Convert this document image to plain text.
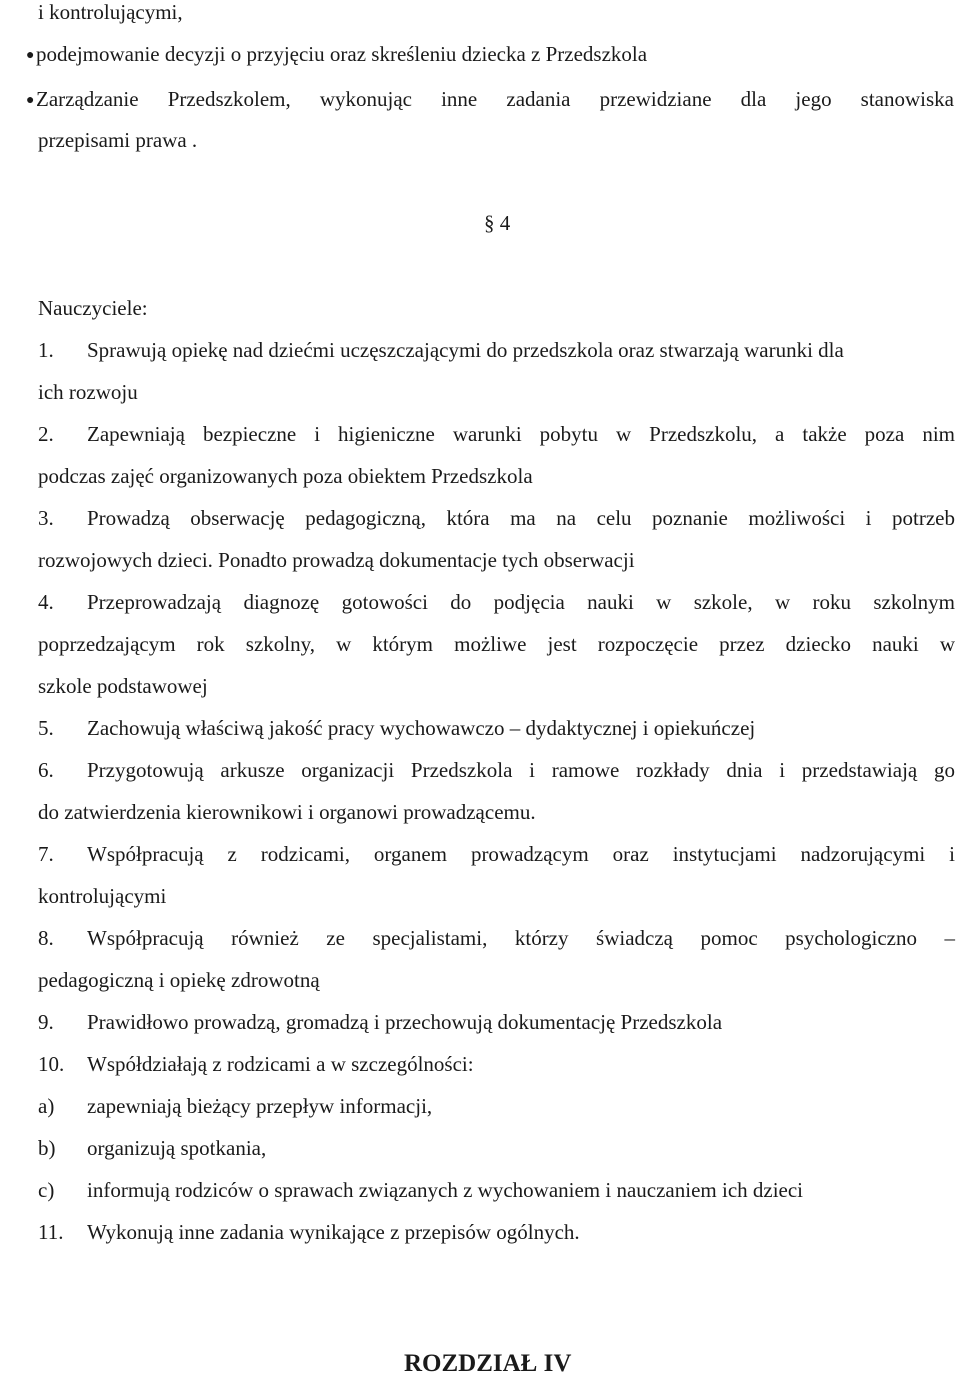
i kontrolującymi,
●podejmowanie decyzji o przyjęciu oraz skreśleniu dziecka z Przedszkola
●Zarządzanie Przedszkolem, wykonując inne zadania przewidziane dla jego stanowiska
przepisami prawa .
§ 4
Nauczyciele:
1. Sprawują opiekę nad dziećmi uczęszczającymi do przedszkola oraz stwarzają warunki dla
ich rozwoju
2. Zapewniają bezpieczne i higieniczne warunki pobytu w Przedszkolu, a także poza nim
podczas zajęć organizowanych poza obiektem Przedszkola
3. Prowadzą obserwację pedagogiczną, która ma na celu poznanie możliwości i potrzeb
rozwojowych dzieci. Ponadto prowadzą dokumentacje tych obserwacji
4. Przeprowadzają diagnozę gotowości do podjęcia nauki w szkole, w roku szkolnym
poprzedzającym rok szkolny, w którym możliwe jest rozpoczęcie przez dziecko nauki w
szkole podstawowej
5. Zachowują właściwą jakość pracy wychowawczo – dydaktycznej i opiekuńczej
6. Przygotowują arkusze organizacji Przedszkola i ramowe rozkłady dnia i przedstawiają go
do zatwierdzenia kierownikowi i organowi prowadzącemu.
7. Współpracują z rodzicami, organem prowadzącym oraz instytucjami nadzorującymi i
kontrolującymi
8. Współpracują również ze specjalistami, którzy świadczą pomoc psychologiczno –
pedagogiczną i opiekę zdrowotną
9. Prawidłowo prowadzą, gromadzą i przechowują dokumentację Przedszkola
10. Współdziałają z rodzicami a w szczególności:
a) zapewniają bieżący przepływ informacji,
b) organizują spotkania,
c) informują rodziców o sprawach związanych z wychowaniem i nauczaniem ich dzieci
11. Wykonują inne zadania wynikające z przepisów ogólnych.
ROZDZIAŁ IV
